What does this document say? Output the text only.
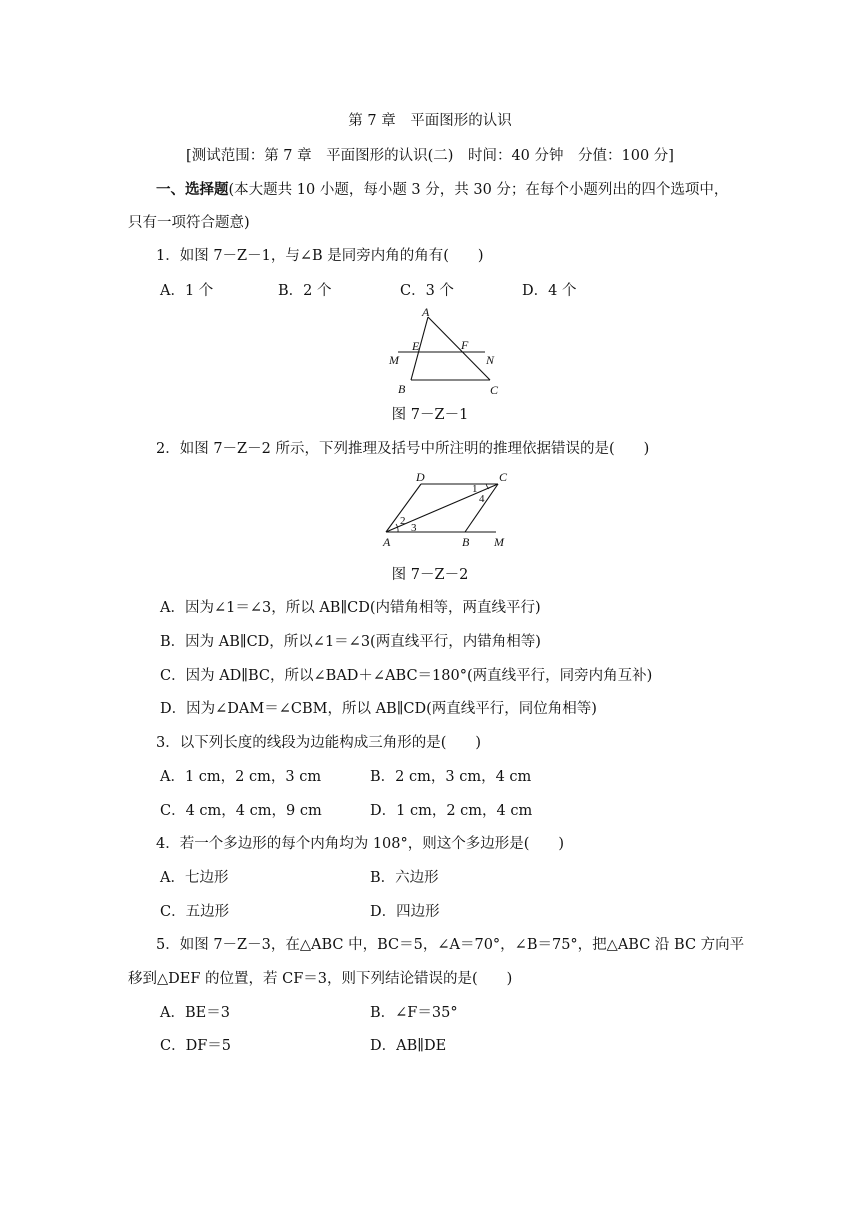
第 7 章　平面图形的认识
[测试范围：第 7 章　平面图形的认识(二)　时间：40 分钟　分值：100 分]
一、选择题(本大题共 10 小题，每小题 3 分，共 30 分；在每个小题列出的四个选项中，
只有一项符合题意)
1．如图 7－Z－1，与∠B 是同旁内角的角有(　　)
A．1 个	B．2 个	C．3 个	D．4 个
A
E	F
M	N
B	C
图 7－Z－1
2．如图 7－Z－2 所示，下列推理及括号中所注明的推理依据错误的是(　　)
A	B M
D	C
1
4
2
3
图 7－Z－2
A．因为∠1＝∠3，所以 AB∥CD(内错角相等，两直线平行)
B．因为 AB∥CD，所以∠1＝∠3(两直线平行，内错角相等)
C．因为 AD∥BC，所以∠BAD＋∠ABC＝180°(两直线平行，同旁内角互补)
D．因为∠DAM＝∠CBM，所以 AB∥CD(两直线平行，同位角相等)
3．以下列长度的线段为边能构成三角形的是(　　)
A．1 cm，2 cm，3 cm	B．2 cm，3 cm，4 cm
C．4 cm，4 cm，9 cm	D．1 cm，2 cm，4 cm
4．若一个多边形的每个内角均为 108°，则这个多边形是(　　)
A．七边形	B．六边形
C．五边形	D．四边形
5．如图 7－Z－3，在△ABC 中，BC＝5，∠A＝70°，∠B＝75°，把△ABC 沿 BC 方向平
移到△DEF 的位置，若 CF＝3，则下列结论错误的是(　　)
A．BE＝3	B．∠F＝35°
C．DF＝5	D．AB∥DE
